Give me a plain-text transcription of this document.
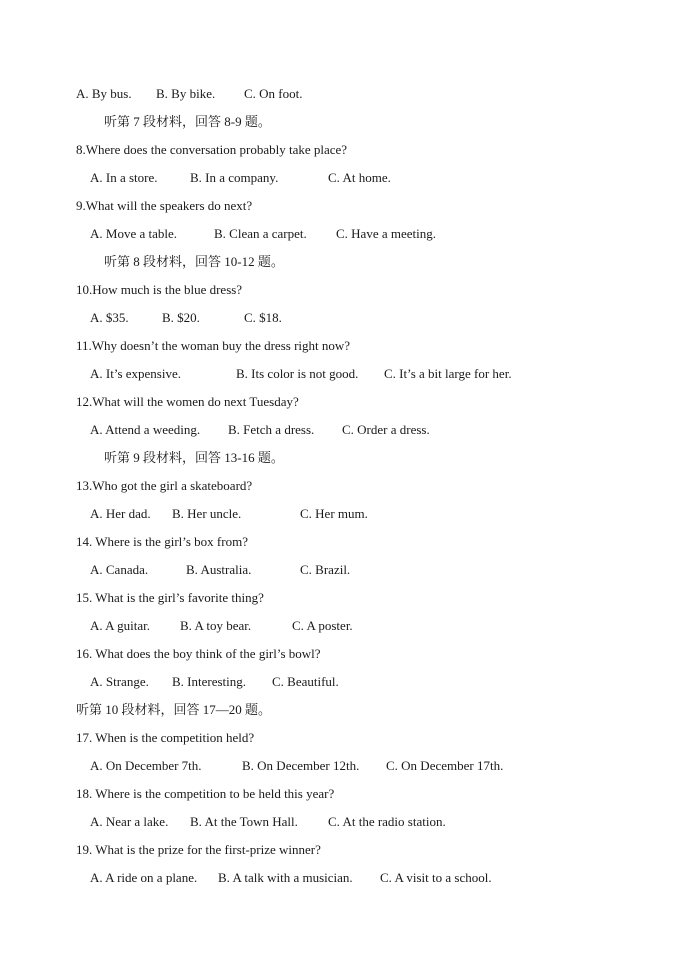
A. By bus. B. By bike. C. On foot.
听第 7 段材料，回答 8-9 题。
8.Where does the conversation probably take place?
A. In a store. B. In a company.	C. At home.
9.What will the speakers do next?
A. Move a table.	B. Clean a carpet. C. Have a meeting.
听第 8 段材料，回答 10-12 题。
10.How much is the blue dress?
A. $35.	B. $20.	C. $18.
11.Why doesn’t the woman buy the dress right now?
A. It’s expensive.	B. Its color is not good. C. It’s a bit large for her.
12.What will the women do next Tuesday?
A. Attend a weeding. B. Fetch a dress. C. Order a dress.
听第 9 段材料，回答 13-16 题。
13.Who got the girl a skateboard?
A. Her dad. B. Her uncle.	C. Her mum.
14. Where is the girl’s box from?
A. Canada.	B. Australia.	C. Brazil.
15. What is the girl’s favorite thing?
A. A guitar. B. A toy bear.	C. A poster.
16. What does the boy think of the girl’s bowl?
A. Strange. B. Interesting. C. Beautiful.
听第 10 段材料，回答 17—20 题。
17. When is the competition held?
A. On December 7th.	B. On December 12th. C. On December 17th.
18. Where is the competition to be held this year?
A. Near a lake. B. At the Town Hall. C. At the radio station.
19. What is the prize for the first-prize winner?
A. A ride on a plane. B. A talk with a musician. C. A visit to a school.
